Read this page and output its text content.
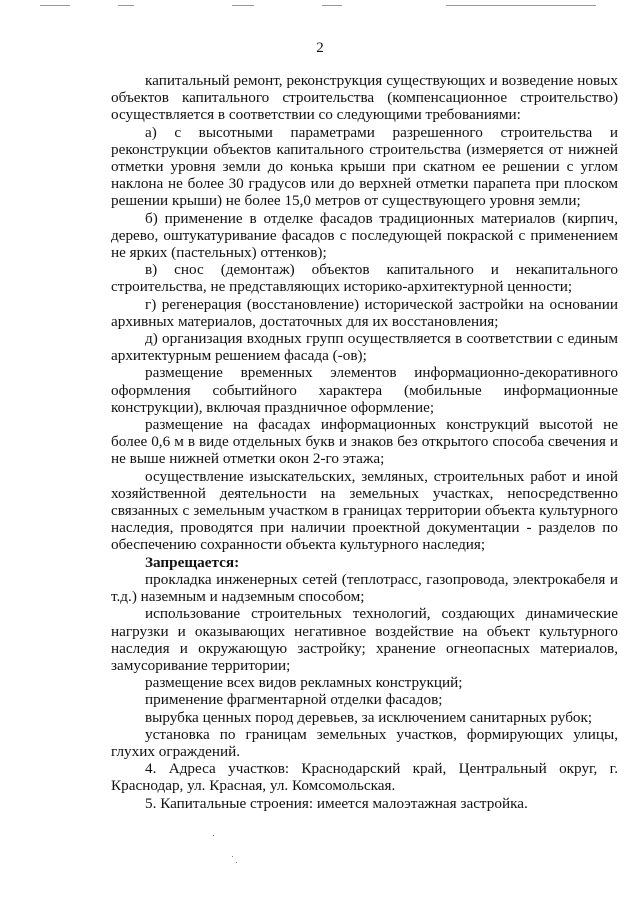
2

капитальный ремонт, реконструкция существующих и возведение новых объектов капитального строительства (компенсационное строительство) осуществляется в соответствии со следующими требованиями:

а) с высотными параметрами разрешенного строительства и реконструкции объектов капитального строительства (измеряется от нижней отметки уровня земли до конька крыши при скатном ее решении с углом наклона не более 30 градусов или до верхней отметки парапета при плоском решении крыши) не более 15,0 метров от существующего уровня земли;

б) применение в отделке фасадов традиционных материалов (кирпич, дерево, оштукатуривание фасадов с последующей покраской с применением не ярких (пастельных) оттенков);

в) снос (демонтаж) объектов капитального и некапитального строительства, не представляющих историко-архитектурной ценности;

г) регенерация (восстановление) исторической застройки на основании архивных материалов, достаточных для их восстановления;

д) организация входных групп осуществляется в соответствии с единым архитектурным решением фасада (-ов);

размещение временных элементов информационно-декоративного оформления событийного характера (мобильные информационные конструкции), включая праздничное оформление;

размещение на фасадах информационных конструкций высотой не более 0,6 м в виде отдельных букв и знаков без открытого способа свечения и не выше нижней отметки окон 2-го этажа;

осуществление изыскательских, земляных, строительных работ и иной хозяйственной деятельности на земельных участках, непосредственно связанных с земельным участком в границах территории объекта культурного наследия, проводятся при наличии проектной документации - разделов по обеспечению сохранности объекта культурного наследия;

Запрещается:

прокладка инженерных сетей (теплотрасс, газопровода, электрокабеля и т.д.) наземным и надземным способом;

использование строительных технологий, создающих динамические нагрузки и оказывающих негативное воздействие на объект культурного наследия и окружающую застройку; хранение огнеопасных материалов, замусоривание территории;

размещение всех видов рекламных конструкций;

применение фрагментарной отделки фасадов;

вырубка ценных пород деревьев, за исключением санитарных рубок;

установка по границам земельных участков, формирующих улицы, глухих ограждений.

4. Адреса участков: Краснодарский край, Центральный округ, г. Краснодар, ул. Красная, ул. Комсомольская.

5. Капитальные строения: имеется малоэтажная застройка.
